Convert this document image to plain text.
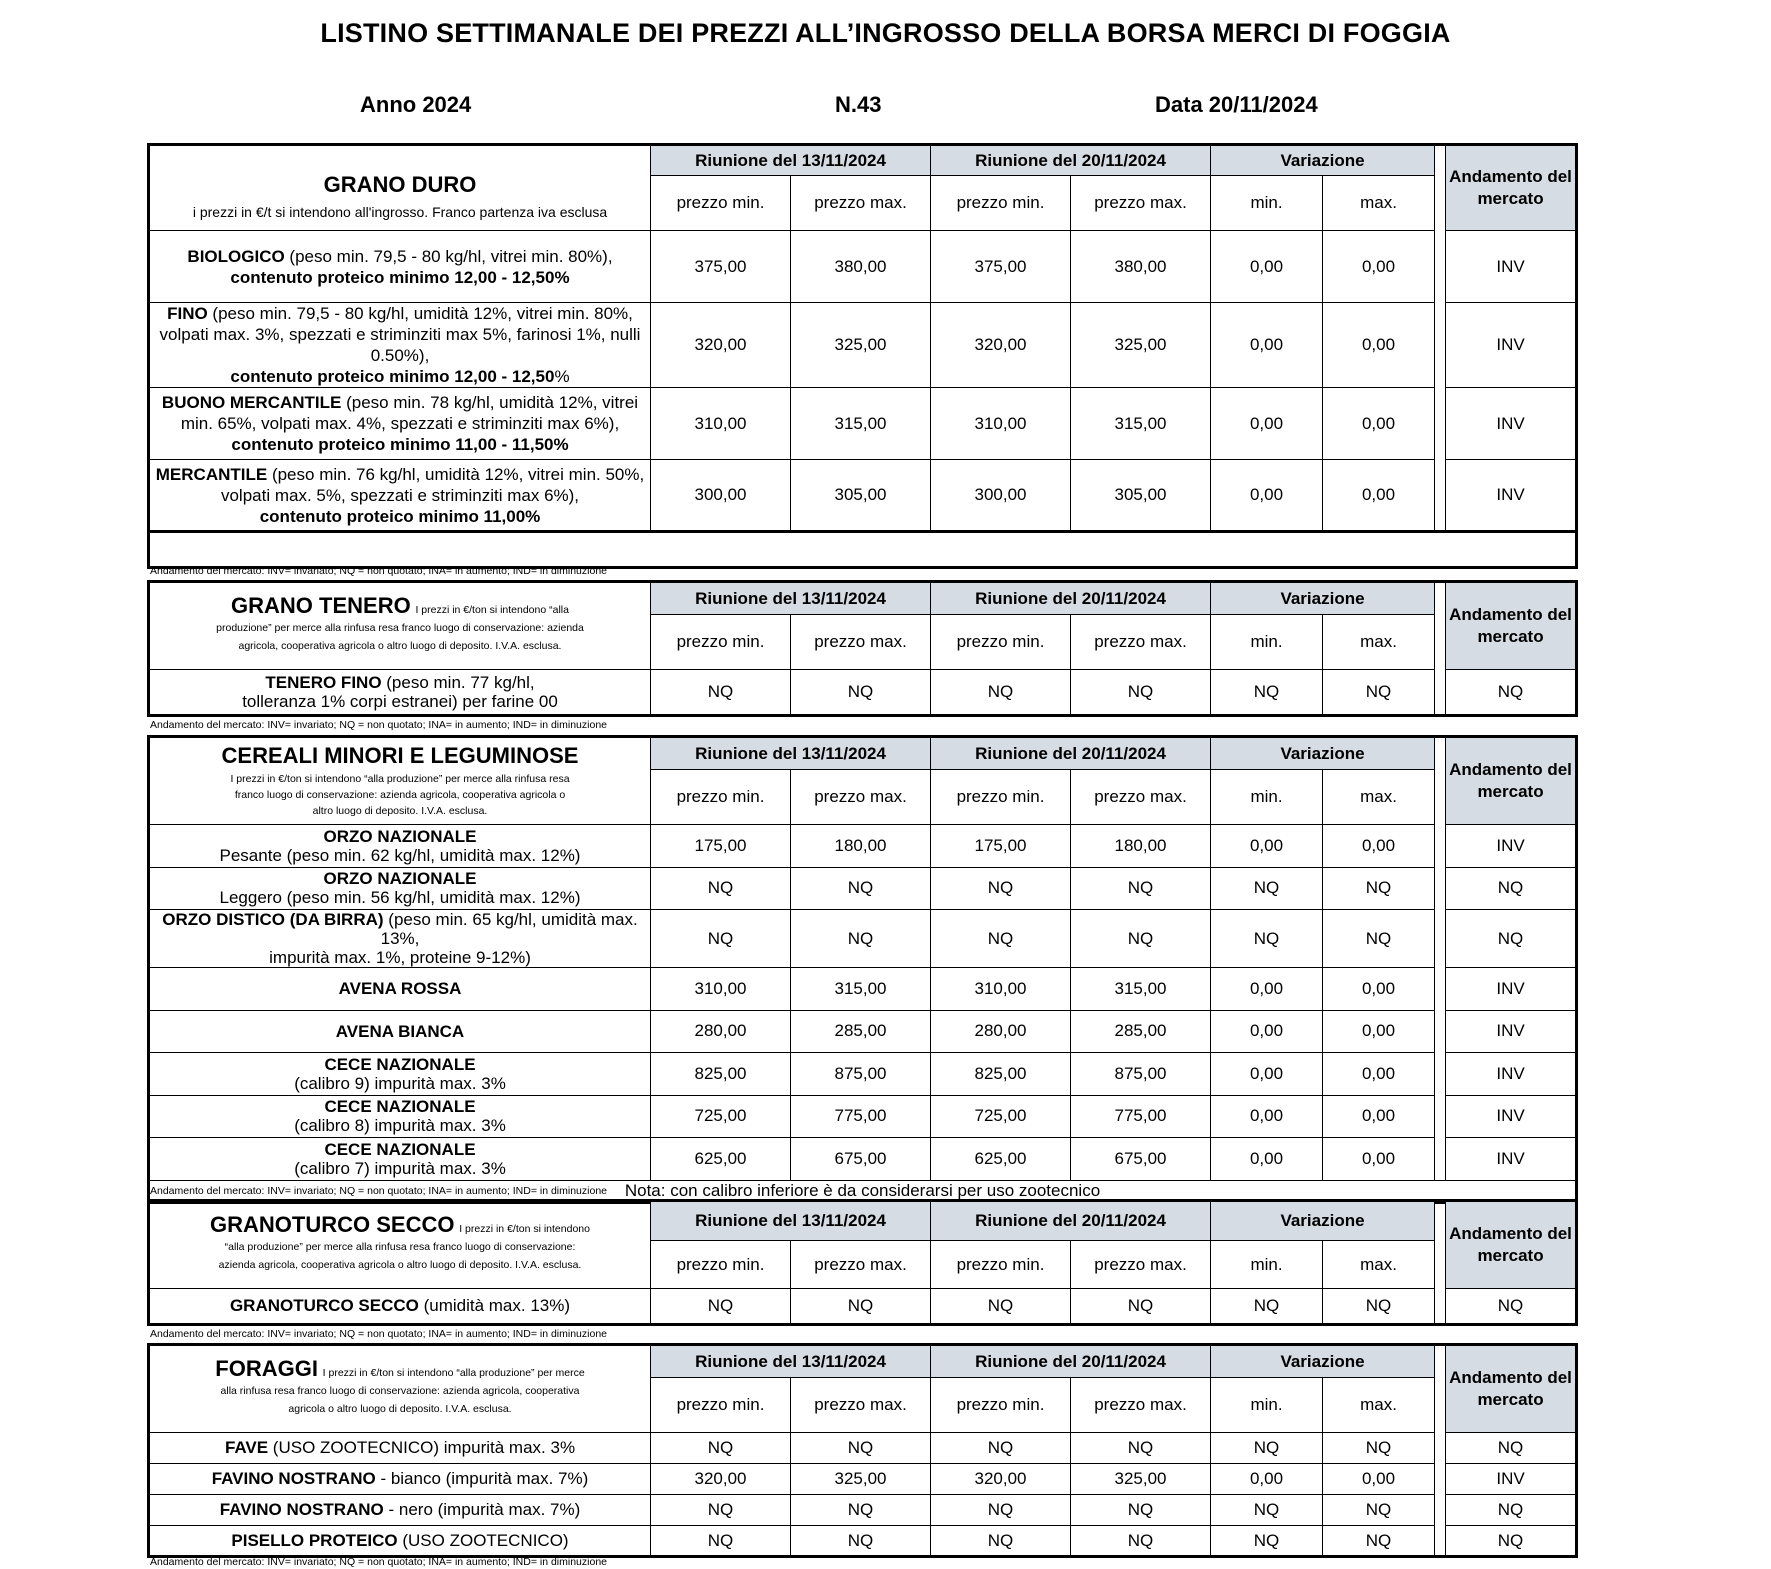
LISTINO SETTIMANALE DEI PREZZI ALL’INGROSSO DELLA BORSA MERCI DI FOGGIA
Anno 2024	N.43	Data 20/11/2024
GRANO DURO
i prezzi in €/t si intendono all'ingrosso. Franco partenza iva esclusa	Riunione del 13/11/2024		Riunione del 20/11/2024		Variazione			Andamento del mercato
	prezzo min.	prezzo max.	prezzo min.	prezzo max.	min.	max.		
BIOLOGICO (peso min. 79,5 - 80 kg/hl, vitrei min. 80%),
contenuto proteico minimo 12,00 - 12,50%	375,00	380,00	375,00	380,00	0,00	0,00		INV
FINO (peso min. 79,5 - 80 kg/hl, umidità 12%, vitrei min. 80%, volpati max. 3%, spezzati e striminziti max 5%, farinosi 1%, nulli 0.50%),
contenuto proteico minimo 12,00 - 12,50%	320,00	325,00	320,00	325,00	0,00	0,00		INV
BUONO MERCANTILE (peso min. 78 kg/hl, umidità 12%, vitrei min. 65%, volpati max. 4%, spezzati e striminziti max 6%),
contenuto proteico minimo 11,00 - 11,50%	310,00	315,00	310,00	315,00	0,00	0,00		INV
MERCANTILE (peso min. 76 kg/hl, umidità 12%, vitrei min. 50%, volpati max. 5%, spezzati e striminziti max 6%),
contenuto proteico minimo 11,00%	300,00	305,00	300,00	305,00	0,00	0,00		INV

Andamento del mercato: INV= invariato; NQ = non quotato; INA= in aumento; IND= in diminuzione
GRANO TENERO I prezzi in €/ton si intendono “alla produzione” per merce alla rinfusa resa franco luogo di conservazione: azienda agricola, cooperativa agricola o altro luogo di deposito. I.V.A. esclusa.	Riunione del 13/11/2024		Riunione del 20/11/2024		Variazione			Andamento del mercato
	prezzo min.	prezzo max.	prezzo min.	prezzo max.	min.	max.		
TENERO FINO (peso min. 77 kg/hl,
tolleranza 1% corpi estranei) per farine 00	NQ	NQ	NQ	NQ	NQ	NQ		NQ
Andamento del mercato: INV= invariato; NQ = non quotato; INA= in aumento; IND= in diminuzione
CEREALI MINORI E LEGUMINOSE
I prezzi in €/ton si intendono “alla produzione” per merce alla rinfusa resa franco luogo di conservazione: azienda agricola, cooperativa agricola o altro luogo di deposito. I.V.A. esclusa.	Riunione del 13/11/2024		Riunione del 20/11/2024		Variazione			Andamento del mercato
	prezzo min.	prezzo max.	prezzo min.	prezzo max.	min.	max.		
ORZO NAZIONALE
Pesante (peso min. 62 kg/hl, umidità max. 12%)	175,00	180,00	175,00	180,00	0,00	0,00		INV
ORZO NAZIONALE
Leggero (peso min. 56 kg/hl, umidità max. 12%)	NQ	NQ	NQ	NQ	NQ	NQ		NQ
ORZO DISTICO (DA BIRRA) (peso min. 65 kg/hl, umidità max. 13%,
impurità max. 1%, proteine 9-12%)	NQ	NQ	NQ	NQ	NQ	NQ		NQ
AVENA ROSSA	310,00	315,00	310,00	315,00	0,00	0,00		INV
AVENA BIANCA	280,00	285,00	280,00	285,00	0,00	0,00		INV
CECE NAZIONALE
(calibro 9) impurità max. 3%	825,00	875,00	825,00	875,00	0,00	0,00		INV
CECE NAZIONALE
(calibro 8) impurità max. 3%	725,00	775,00	725,00	775,00	0,00	0,00		INV
CECE NAZIONALE
(calibro 7) impurità max. 3%	625,00	675,00	625,00	675,00	0,00	0,00		INV
Nota: con calibro inferiore è da considerarsi per uso zootecnico								
Andamento del mercato: INV= invariato; NQ = non quotato; INA= in aumento; IND= in diminuzione
GRANOTURCO SECCO I prezzi in €/ton si intendono “alla produzione” per merce alla rinfusa resa franco luogo di conservazione: azienda agricola, cooperativa agricola o altro luogo di deposito. I.V.A. esclusa.	Riunione del 13/11/2024		Riunione del 20/11/2024		Variazione			Andamento del mercato
	prezzo min.	prezzo max.	prezzo min.	prezzo max.	min.	max.		
GRANOTURCO SECCO (umidità max. 13%)	NQ	NQ	NQ	NQ	NQ	NQ		NQ
Andamento del mercato: INV= invariato; NQ = non quotato; INA= in aumento; IND= in diminuzione
FORAGGI I prezzi in €/ton si intendono “alla produzione” per merce alla rinfusa resa franco luogo di conservazione: azienda agricola, cooperativa agricola o altro luogo di deposito. I.V.A. esclusa.	Riunione del 13/11/2024		Riunione del 20/11/2024		Variazione			Andamento del mercato
	prezzo min.	prezzo max.	prezzo min.	prezzo max.	min.	max.		
FAVE (USO ZOOTECNICO) impurità max. 3%	NQ	NQ	NQ	NQ	NQ	NQ		NQ
FAVINO NOSTRANO - bianco (impurità max. 7%)	320,00	325,00	320,00	325,00	0,00	0,00		INV
FAVINO NOSTRANO - nero (impurità max. 7%)	NQ	NQ	NQ	NQ	NQ	NQ		NQ
PISELLO PROTEICO (USO ZOOTECNICO)	NQ	NQ	NQ	NQ	NQ	NQ		NQ
Andamento del mercato: INV= invariato; NQ = non quotato; INA= in aumento; IND= in diminuzione
